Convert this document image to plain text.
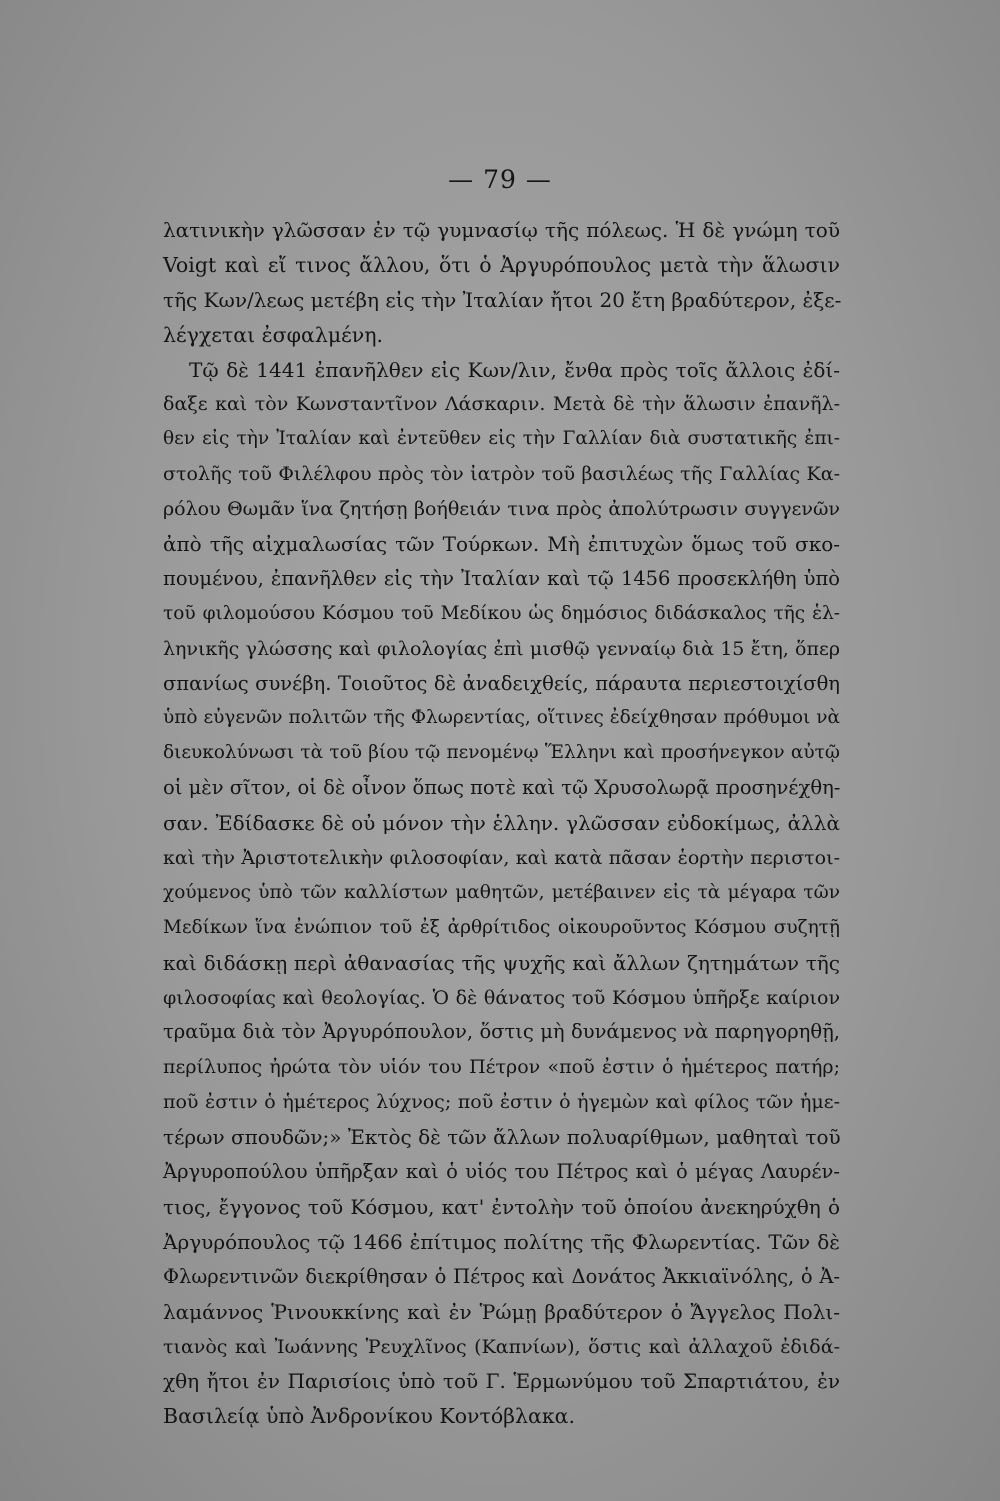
— 79 —
λατινικὴν γλῶσσαν ἐν τῷ γυμνασίῳ τῆς πόλεως. Ἡ δὲ γνώμη τοῦ
Voigt καὶ εἴ τινος ἄλλου, ὅτι ὁ Ἀργυρόπουλος μετὰ τὴν ἅλωσιν
τῆς Κων/λεως μετέβη εἰς τὴν Ἰταλίαν ἤτοι 20 ἔτη βραδύτερον, ἐξε-
λέγχεται ἐσφαλμένη.
Τῷ δὲ 1441 ἐπανῆλθεν εἰς Κων/λιν, ἔνθα πρὸς τοῖς ἄλλοις ἐδί-
δαξε καὶ τὸν Κωνσταντῖνον Λάσκαριν. Μετὰ δὲ τὴν ἅλωσιν ἐπανῆλ-
θεν εἰς τὴν Ἰταλίαν καὶ ἐντεῦθεν εἰς τὴν Γαλλίαν διὰ συστατικῆς ἐπι-
στολῆς τοῦ Φιλέλφου πρὸς τὸν ἰατρὸν τοῦ βασιλέως τῆς Γαλλίας Κα-
ρόλου Θωμᾶν ἵνα ζητήσῃ βοήθειάν τινα πρὸς ἀπολύτρωσιν συγγενῶν
ἀπὸ τῆς αἰχμαλωσίας τῶν Τούρκων. Μὴ ἐπιτυχὼν ὅμως τοῦ σκο-
πουμένου, ἐπανῆλθεν εἰς τὴν Ἰταλίαν καὶ τῷ 1456 προσεκλήθη ὑπὸ
τοῦ φιλομούσου Κόσμου τοῦ Μεδίκου ὡς δημόσιος διδάσκαλος τῆς ἑλ-
ληνικῆς γλώσσης καὶ φιλολογίας ἐπὶ μισθῷ γενναίῳ διὰ 15 ἔτη, ὅπερ
σπανίως συνέβη. Τοιοῦτος δὲ ἀναδειχθείς, πάραυτα περιεστοιχίσθη
ὑπὸ εὐγενῶν πολιτῶν τῆς Φλωρεντίας, οἵτινες ἐδείχθησαν πρόθυμοι νὰ
διευκολύνωσι τὰ τοῦ βίου τῷ πενομένῳ Ἕλληνι καὶ προσήνεγκον αὐτῷ
οἱ μὲν σῖτον, οἱ δὲ οἶνον ὅπως ποτὲ καὶ τῷ Χρυσολωρᾷ προσηνέχθη-
σαν. Ἐδίδασκε δὲ οὐ μόνον τὴν ἑλλην. γλῶσσαν εὐδοκίμως, ἀλλὰ
καὶ τὴν Ἀριστοτελικὴν φιλοσοφίαν, καὶ κατὰ πᾶσαν ἑορτὴν περιστοι-
χούμενος ὑπὸ τῶν καλλίστων μαθητῶν, μετέβαινεν εἰς τὰ μέγαρα τῶν
Μεδίκων ἵνα ἐνώπιον τοῦ ἐξ ἀρθρίτιδος οἰκουροῦντος Κόσμου συζητῇ
καὶ διδάσκῃ περὶ ἀθανασίας τῆς ψυχῆς καὶ ἄλλων ζητημάτων τῆς
φιλοσοφίας καὶ θεολογίας. Ὁ δὲ θάνατος τοῦ Κόσμου ὑπῆρξε καίριον
τραῦμα διὰ τὸν Ἀργυρόπουλον, ὅστις μὴ δυνάμενος νὰ παρηγορηθῇ,
περίλυπος ἠρώτα τὸν υἱόν του Πέτρον «ποῦ ἐστιν ὁ ἡμέτερος πατήρ;
ποῦ ἐστιν ὁ ἡμέτερος λύχνος; ποῦ ἐστιν ὁ ἡγεμὼν καὶ φίλος τῶν ἡμε-
τέρων σπουδῶν;» Ἐκτὸς δὲ τῶν ἄλλων πολυαρίθμων, μαθηταὶ τοῦ
Ἀργυροπούλου ὑπῆρξαν καὶ ὁ υἱός του Πέτρος καὶ ὁ μέγας Λαυρέν-
τιος, ἔγγονος τοῦ Κόσμου, κατ' ἐντολὴν τοῦ ὁποίου ἀνεκηρύχθη ὁ
Ἀργυρόπουλος τῷ 1466 ἐπίτιμος πολίτης τῆς Φλωρεντίας. Τῶν δὲ
Φλωρεντινῶν διεκρίθησαν ὁ Πέτρος καὶ Δονάτος Ἀκκιαϊνόλης, ὁ Ἀ-
λαμάννος Ῥινουκκίνης καὶ ἐν Ῥώμῃ βραδύτερον ὁ Ἄγγελος Πολι-
τιανὸς καὶ Ἰωάννης Ῥευχλῖνος (Καπνίων), ὅστις καὶ ἀλλαχοῦ ἐδιδά-
χθη ἤτοι ἐν Παρισίοις ὑπὸ τοῦ Γ. Ἑρμωνύμου τοῦ Σπαρτιάτου, ἐν
Βασιλείᾳ ὑπὸ Ἀνδρονίκου Κοντόβλακα.
